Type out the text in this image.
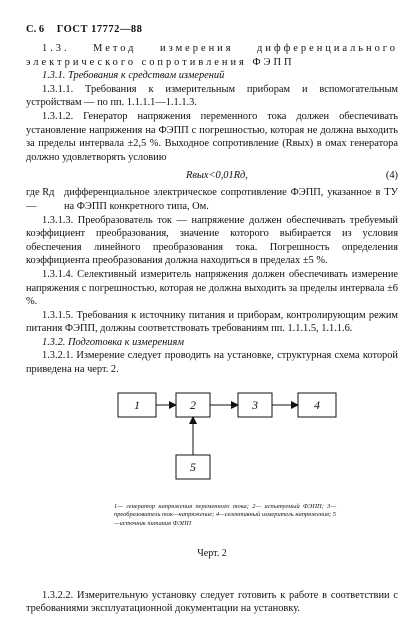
С. 6 ГОСТ 17772—88

1.3. Метод измерения дифференциального электрического сопротивления ФЭПП

1.3.1. Требования к средствам измерений

1.3.1.1. Требования к измерительным приборам и вспомогательным устройствам — по пп. 1.1.1.1—1.1.1.3.

1.3.1.2. Генератор напряжения переменного тока должен обеспечивать установление напряжения на ФЭПП с погрешностью, которая не должна выходить за пределы интервала ±2,5 %. Выходное сопротивление (Rвых) в омах генератора должно удовлетворять условию

Rвых<0,01Rд,	(4)
где Rд —
дифференциальное электрическое сопротивление ФЭПП, указанное в ТУ на ФЭПП конкретного типа, Ом.

1.3.1.3. Преобразователь ток — напряжение должен обеспечивать требуемый коэффициент преобразования, значение которого выбирается из условия обеспечения линейного преобразования тока. Погрешность определения коэффициента преобразования должна находиться в пределах ±5 %.

1.3.1.4. Селективный измеритель напряжения должен обеспечивать измерение напряжения с погрешностью, которая не должна выходить за пределы интервала ±6 %.

1.3.1.5. Требования к источнику питания и приборам, контролирующим режим питания ФЭПП, должны соответствовать требованиям пп. 1.1.1.5, 1.1.1.6.

1.3.2. Подготовка к измерениям

1.3.2.1. Измерение следует проводить на установке, структурная схема которой приведена на черт. 2.

1	2	3	4
5
1— генератор напряжения переменного тока; 2— испытуемый ФЭПП; 3—преобразователь ток—напряжение; 4—селективный измеритель напряжения; 5—источник питания ФЭПП
Черт. 2

1.3.2.2. Измерительную установку следует готовить к работе в соответствии с требованиями эксплуатационной документации на установку.
